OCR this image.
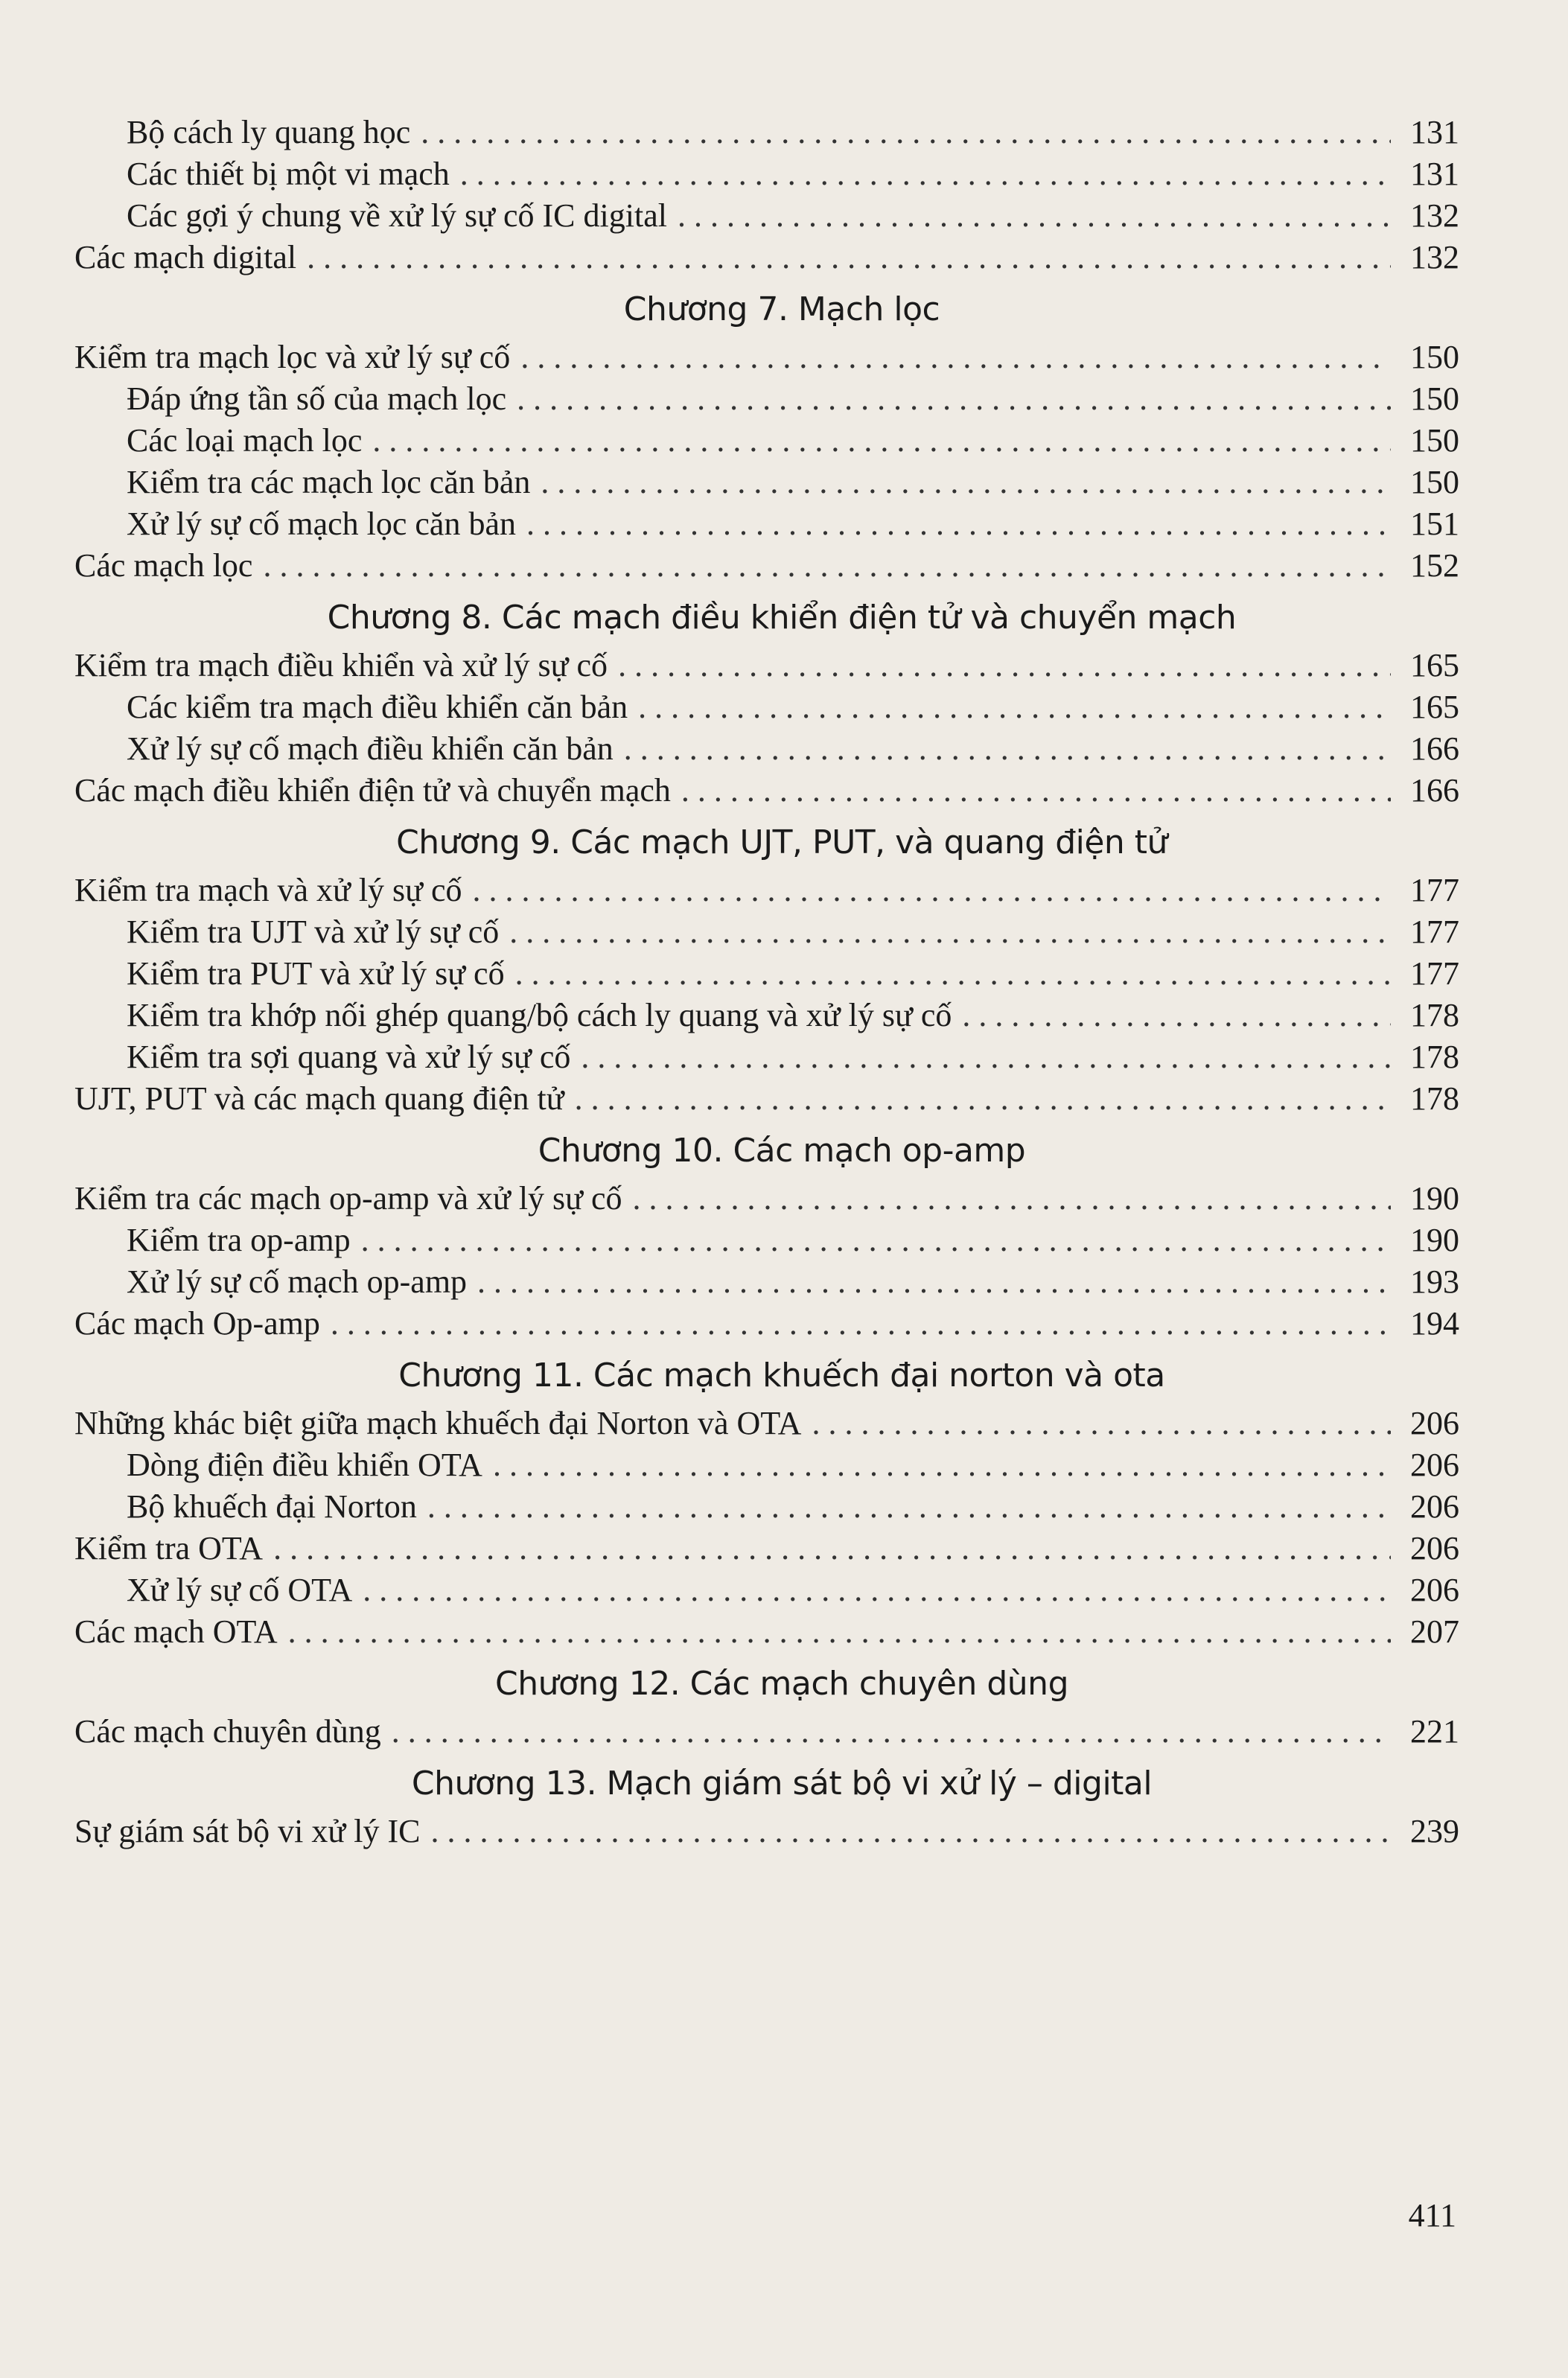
Bộ cách ly quang học . . .	131
Các thiết bị một vi mạch . . .	131
Các gợi ý chung về xử lý sự cố IC digital . . .	132
Các mạch digital . . .	132
Chương 7. Mạch lọc
Kiểm tra mạch lọc và xử lý sự cố . . .	150
Đáp ứng tần số của mạch lọc . . .	150
Các loại mạch lọc . . .	150
Kiểm tra các mạch lọc căn bản . . .	150
Xử lý sự cố mạch lọc căn bản . . .	151
Các mạch lọc . . .	152
Chương 8. Các mạch điều khiển điện tử và chuyển mạch
Kiểm tra mạch điều khiển và xử lý sự cố . . .	165
Các kiểm tra mạch điều khiển căn bản . . .	165
Xử lý sự cố mạch điều khiển căn bản . . .	166
Các mạch điều khiển điện tử và chuyển mạch . . .	166
Chương 9. Các mạch UJT, PUT, và quang điện tử
Kiểm tra mạch và xử lý sự cố . . .	177
Kiểm tra UJT và xử lý sự cố . . .	177
Kiểm tra PUT và xử lý sự cố . . .	177
Kiểm tra khớp nối ghép quang/bộ cách ly quang và xử lý sự cố . . .	178
Kiểm tra sợi quang và xử lý sự cố . . .	178
UJT, PUT và các mạch quang điện tử . . .	178
Chương 10. Các mạch op-amp
Kiểm tra các mạch op-amp và xử lý sự cố . . .	190
Kiểm tra op-amp . . .	190
Xử lý sự cố mạch op-amp . . .	193
Các mạch Op-amp . . .	194
Chương 11. Các mạch khuếch đại norton và ota
Những khác biệt giữa mạch khuếch đại Norton và OTA . . .	206
Dòng điện điều khiển OTA . . .	206
Bộ khuếch đại Norton . . .	206
Kiểm tra OTA . . .	206
Xử lý sự cố OTA . . .	206
Các mạch OTA . . .	207
Chương 12. Các mạch chuyên dùng
Các mạch chuyên dùng . . .	221
Chương 13. Mạch giám sát bộ vi xử lý – digital
Sự giám sát bộ vi xử lý IC . . .	239
411
